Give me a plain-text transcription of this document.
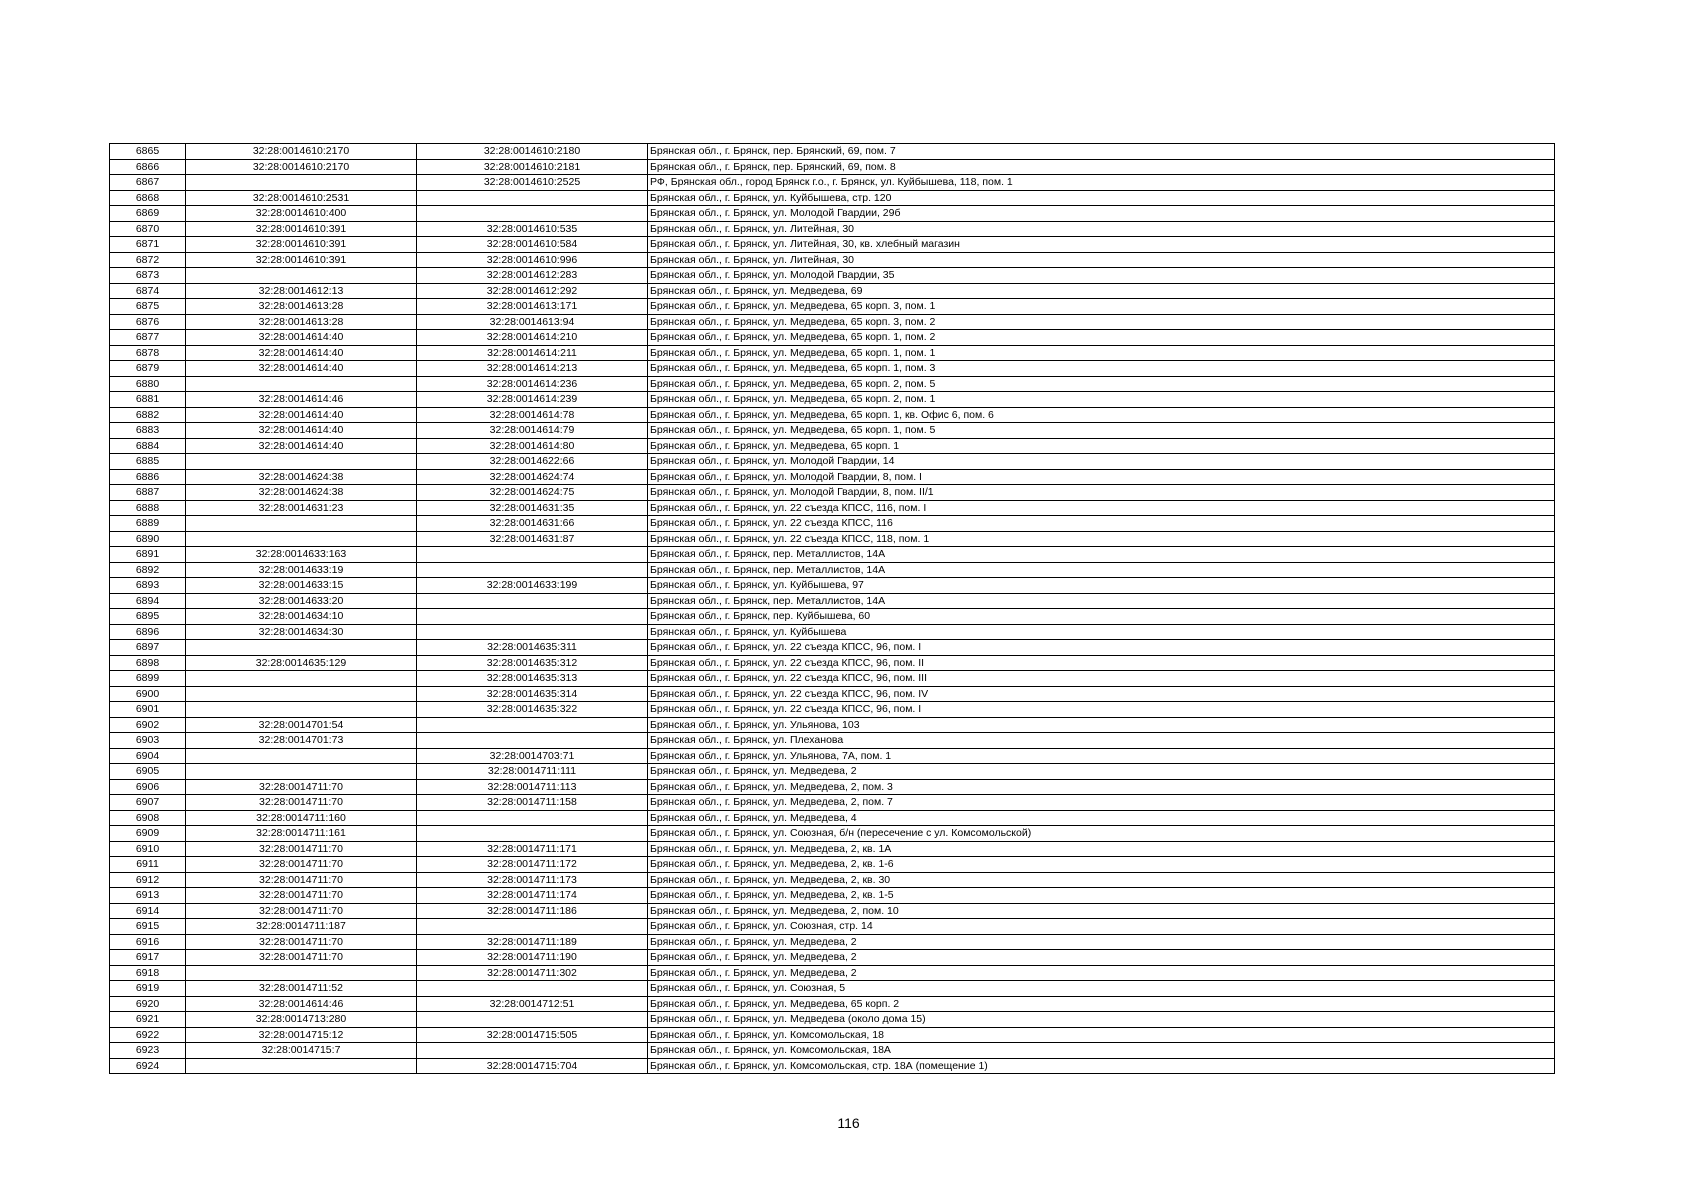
6865	32:28:0014610:2170	32:28:0014610:2180	Брянская обл., г. Брянск, пер. Брянский, 69, пом. 7
6866	32:28:0014610:2170	32:28:0014610:2181	Брянская обл., г. Брянск, пер. Брянский, 69, пом. 8
6867		32:28:0014610:2525	РФ, Брянская обл., город Брянск г.о., г. Брянск, ул. Куйбышева, 118, пом. 1
6868	32:28:0014610:2531		Брянская обл., г. Брянск, ул. Куйбышева, стр. 120
6869	32:28:0014610:400		Брянская обл., г. Брянск, ул. Молодой Гвардии, 29б
6870	32:28:0014610:391	32:28:0014610:535	Брянская обл., г. Брянск, ул. Литейная, 30
6871	32:28:0014610:391	32:28:0014610:584	Брянская обл., г. Брянск, ул. Литейная, 30, кв. хлебный магазин
6872	32:28:0014610:391	32:28:0014610:996	Брянская обл., г. Брянск, ул. Литейная, 30
6873		32:28:0014612:283	Брянская обл., г. Брянск, ул. Молодой Гвардии, 35
6874	32:28:0014612:13	32:28:0014612:292	Брянская обл., г. Брянск, ул. Медведева, 69
6875	32:28:0014613:28	32:28:0014613:171	Брянская обл., г. Брянск, ул. Медведева, 65 корп. 3, пом. 1
6876	32:28:0014613:28	32:28:0014613:94	Брянская обл., г. Брянск, ул. Медведева, 65 корп. 3, пом. 2
6877	32:28:0014614:40	32:28:0014614:210	Брянская обл., г. Брянск, ул. Медведева, 65 корп. 1, пом. 2
6878	32:28:0014614:40	32:28:0014614:211	Брянская обл., г. Брянск, ул. Медведева, 65 корп. 1, пом. 1
6879	32:28:0014614:40	32:28:0014614:213	Брянская обл., г. Брянск, ул. Медведева, 65 корп. 1, пом. 3
6880		32:28:0014614:236	Брянская обл., г. Брянск, ул. Медведева, 65 корп. 2, пом. 5
6881	32:28:0014614:46	32:28:0014614:239	Брянская обл., г. Брянск, ул. Медведева, 65 корп. 2, пом. 1
6882	32:28:0014614:40	32:28:0014614:78	Брянская обл., г. Брянск, ул. Медведева, 65 корп. 1, кв. Офис 6, пом. 6
6883	32:28:0014614:40	32:28:0014614:79	Брянская обл., г. Брянск, ул. Медведева, 65 корп. 1, пом. 5
6884	32:28:0014614:40	32:28:0014614:80	Брянская обл., г. Брянск, ул. Медведева, 65 корп. 1
6885		32:28:0014622:66	Брянская обл., г. Брянск, ул. Молодой Гвардии, 14
6886	32:28:0014624:38	32:28:0014624:74	Брянская обл., г. Брянск, ул. Молодой Гвардии, 8, пом. I
6887	32:28:0014624:38	32:28:0014624:75	Брянская обл., г. Брянск, ул. Молодой Гвардии, 8, пом. II/1
6888	32:28:0014631:23	32:28:0014631:35	Брянская обл., г. Брянск, ул. 22 съезда КПСС, 116, пом. I
6889		32:28:0014631:66	Брянская обл., г. Брянск, ул. 22 съезда КПСС, 116
6890		32:28:0014631:87	Брянская обл., г. Брянск, ул. 22 съезда КПСС, 118, пом. 1
6891	32:28:0014633:163		Брянская обл., г. Брянск, пер. Металлистов, 14А
6892	32:28:0014633:19		Брянская обл., г. Брянск, пер. Металлистов, 14А
6893	32:28:0014633:15	32:28:0014633:199	Брянская обл., г. Брянск, ул. Куйбышева, 97
6894	32:28:0014633:20		Брянская обл., г. Брянск, пер. Металлистов, 14А
6895	32:28:0014634:10		Брянская обл., г. Брянск, пер. Куйбышева, 60
6896	32:28:0014634:30		Брянская обл., г. Брянск, ул. Куйбышева
6897		32:28:0014635:311	Брянская обл., г. Брянск, ул. 22 съезда КПСС, 96, пом. I
6898	32:28:0014635:129	32:28:0014635:312	Брянская обл., г. Брянск, ул. 22 съезда КПСС, 96, пом. II
6899		32:28:0014635:313	Брянская обл., г. Брянск, ул. 22 съезда КПСС, 96, пом. III
6900		32:28:0014635:314	Брянская обл., г. Брянск, ул. 22 съезда КПСС, 96, пом. IV
6901		32:28:0014635:322	Брянская обл., г. Брянск, ул. 22 съезда КПСС, 96, пом. I
6902	32:28:0014701:54		Брянская обл., г. Брянск, ул. Ульянова, 103
6903	32:28:0014701:73		Брянская обл., г. Брянск, ул. Плеханова
6904		32:28:0014703:71	Брянская обл., г. Брянск, ул. Ульянова, 7А, пом. 1
6905		32:28:0014711:111	Брянская обл., г. Брянск, ул. Медведева, 2
6906	32:28:0014711:70	32:28:0014711:113	Брянская обл., г. Брянск, ул. Медведева, 2, пом. 3
6907	32:28:0014711:70	32:28:0014711:158	Брянская обл., г. Брянск, ул. Медведева, 2, пом. 7
6908	32:28:0014711:160		Брянская обл., г. Брянск, ул. Медведева, 4
6909	32:28:0014711:161		Брянская обл., г. Брянск, ул. Союзная, б/н (пересечение с ул. Комсомольской)
6910	32:28:0014711:70	32:28:0014711:171	Брянская обл., г. Брянск, ул. Медведева, 2, кв. 1А
6911	32:28:0014711:70	32:28:0014711:172	Брянская обл., г. Брянск, ул. Медведева, 2, кв. 1-6
6912	32:28:0014711:70	32:28:0014711:173	Брянская обл., г. Брянск, ул. Медведева, 2, кв. 30
6913	32:28:0014711:70	32:28:0014711:174	Брянская обл., г. Брянск, ул. Медведева, 2, кв. 1-5
6914	32:28:0014711:70	32:28:0014711:186	Брянская обл., г. Брянск, ул. Медведева, 2, пом. 10
6915	32:28:0014711:187		Брянская обл., г. Брянск, ул. Союзная, стр. 14
6916	32:28:0014711:70	32:28:0014711:189	Брянская обл., г. Брянск, ул. Медведева, 2
6917	32:28:0014711:70	32:28:0014711:190	Брянская обл., г. Брянск, ул. Медведева, 2
6918		32:28:0014711:302	Брянская обл., г. Брянск, ул. Медведева, 2
6919	32:28:0014711:52		Брянская обл., г. Брянск, ул. Союзная, 5
6920	32:28:0014614:46	32:28:0014712:51	Брянская обл., г. Брянск, ул. Медведева, 65 корп. 2
6921	32:28:0014713:280		Брянская обл., г. Брянск, ул. Медведева (около дома 15)
6922	32:28:0014715:12	32:28:0014715:505	Брянская обл., г. Брянск, ул. Комсомольская, 18
6923	32:28:0014715:7		Брянская обл., г. Брянск, ул. Комсомольская, 18А
6924		32:28:0014715:704	Брянская обл., г. Брянск, ул. Комсомольская, стр. 18А (помещение 1)
116
